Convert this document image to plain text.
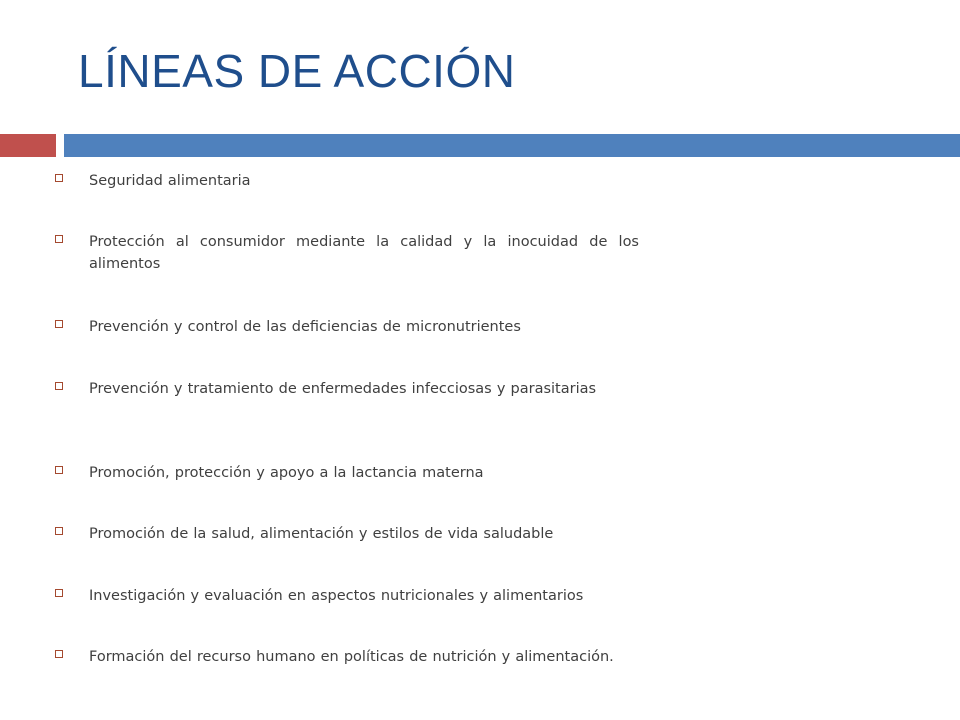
LÍNEAS DE ACCIÓN
Seguridad alimentaria
Protección al consumidor mediante la calidad y la inocuidad de los alimentos
Prevención y control de las deficiencias de micronutrientes
Prevención y tratamiento de enfermedades infecciosas y parasitarias
Promoción, protección y apoyo a la lactancia materna
Promoción de la salud, alimentación y estilos de vida saludable
Investigación y evaluación en aspectos nutricionales y alimentarios
Formación del recurso humano en políticas de nutrición y alimentación.
